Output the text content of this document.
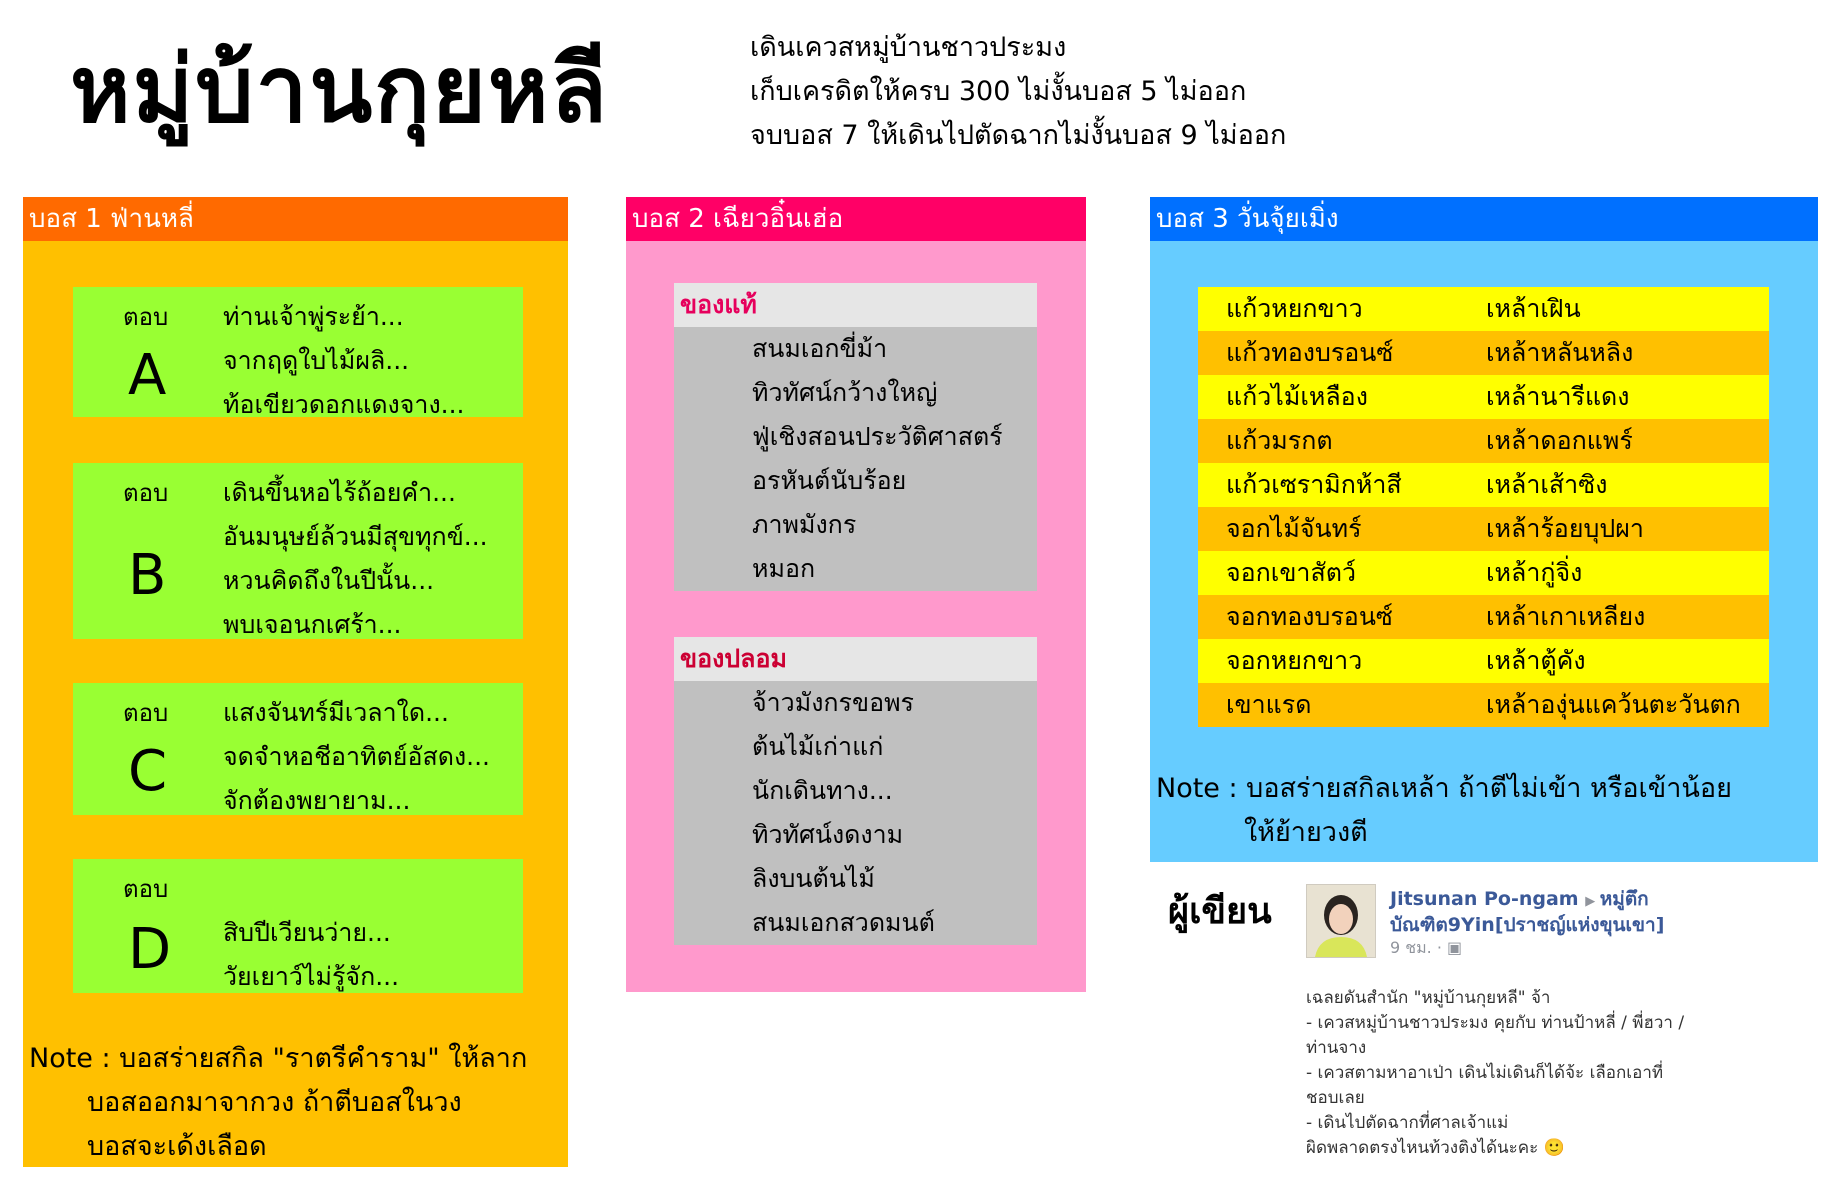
หมู่บ้านกุยหลี	เดินเควสหมู่บ้านชาวประมง
เก็บเครดิตให้ครบ 300 ไม่งั้นบอส 5 ไม่ออก
จบบอส 7 ให้เดินไปตัดฉากไม่งั้นบอส 9 ไม่ออก
บอส 1 ฟ่านหลี่
ตอบ
A
ท่านเจ้าพู่ระย้า...
จากฤดูใบไม้ผลิ...
ท้อเขียวดอกแดงจาง...
ตอบ
B
เดินขึ้นหอไร้ถ้อยคำ...
อันมนุษย์ล้วนมีสุขทุกข์...
หวนคิดถึงในปีนั้น...
พบเจอนกเศร้า...
ตอบ
C
แสงจันทร์มีเวลาใด...
จดจำหอชีอาทิตย์อัสดง...
จักต้องพยายาม...
ตอบ
D สิบปีเวียนว่าย...
วัยเยาว์ไม่รู้จัก...
Note : บอสร่ายสกิล "ราตรีคำราม" ให้ลาก
บอสออกมาจากวง ถ้าตีบอสในวง
บอสจะเด้งเลือด
บอส 2 เฉียวอิ๋นเฮ่อ
ของแท้
สนมเอกขี่ม้า
ทิวทัศน์กว้างใหญ่
ฟู่เชิงสอนประวัติศาสตร์
อรหันต์นับร้อย
ภาพมังกร
หมอก
ของปลอม
จ้าวมังกรขอพร
ต้นไม้เก่าแก่
นักเดินทาง...
ทิวทัศน์งดงาม
ลิงบนต้นไม้
สนมเอกสวดมนต์
บอส 3 วั่นจุ้ยเมิ่ง
แก้วหยกขาว	เหล้าเฝิน
แก้วทองบรอนซ์	เหล้าหลันหลิง
แก้วไม้เหลือง	เหล้านารีแดง
แก้วมรกต	เหล้าดอกแพร์
แก้วเซรามิกห้าสี	เหล้าเส้าซิง
จอกไม้จันทร์	เหล้าร้อยบุปผา
จอกเขาสัตว์	เหล้ากู่จิ่ง
จอกทองบรอนซ์	เหล้าเกาเหลียง
จอกหยกขาว	เหล้าตู้คัง
เขาแรด	เหล้าองุ่นแคว้นตะวันตก
Note : บอสร่ายสกิลเหล้า ถ้าตีไม่เข้า หรือเข้าน้อย
ให้ย้ายวงตี
ผู้เขียน	Jitsunan Po-ngam ▶ หมู่ตึก
บัณฑิต9Yin[ปราชญ์แห่งขุนเขา]
9 ชม. · ▣
เฉลยดันสำนัก "หมู่บ้านกุยหลี" จ้า
- เควสหมู่บ้านชาวประมง คุยกับ ท่านป้าหลี่ / พี่ฮวา /
ท่านจาง
- เควสตามหาอาเป่า เดินไม่เดินก็ได้จ้ะ เลือกเอาที่
ชอบเลย
- เดินไปตัดฉากที่ศาลเจ้าแม่
ผิดพลาดตรงไหนท้วงติงได้นะคะ 🙂
